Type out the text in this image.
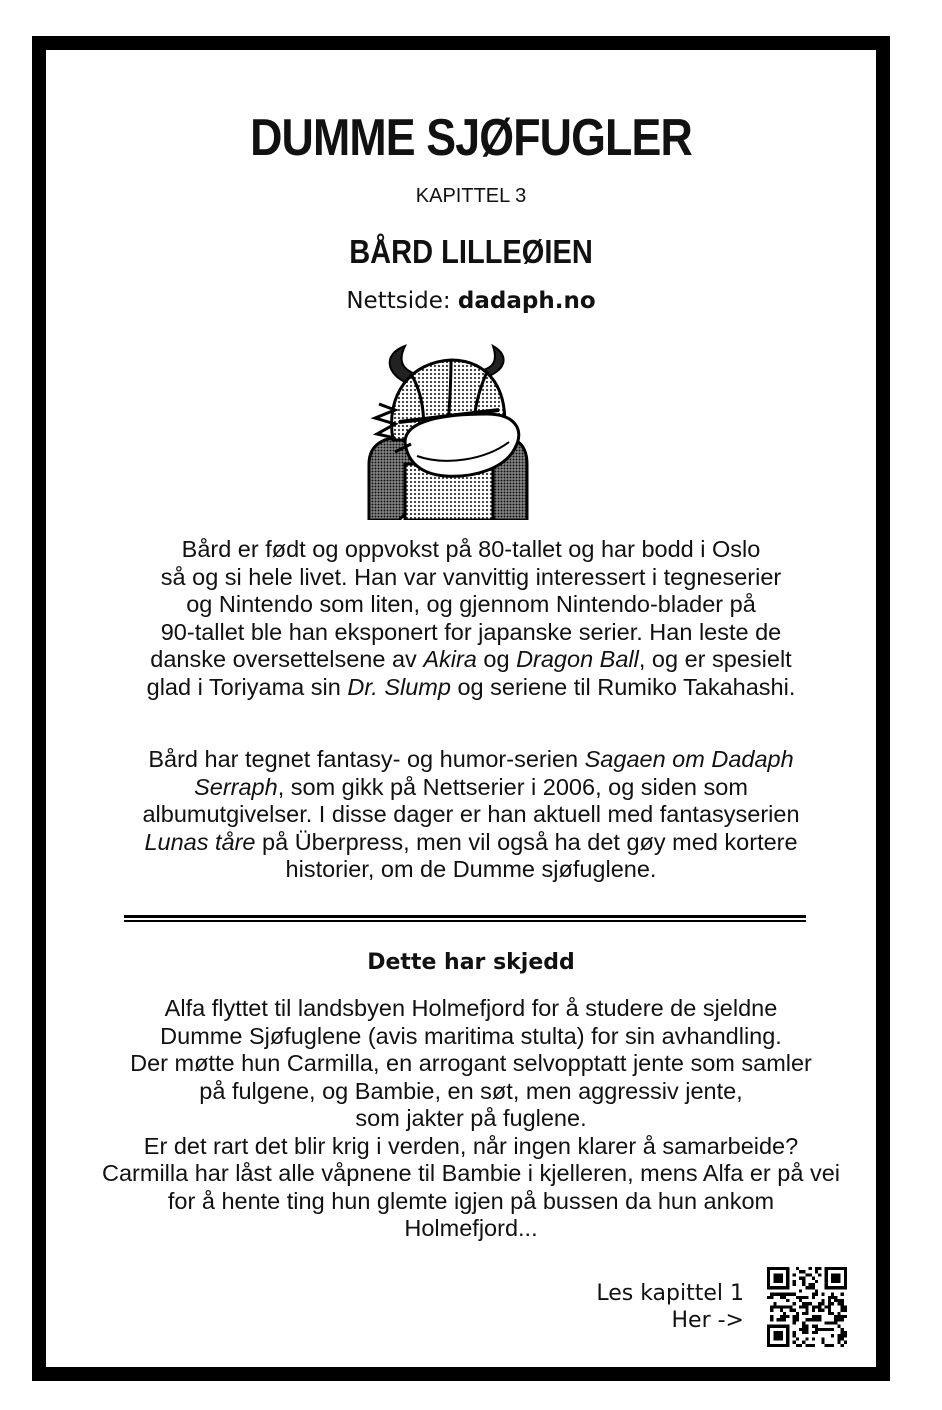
DUMME SJØFUGLER
KAPITTEL 3
BÅRD LILLEØIEN
Nettside: dadaph.no
Bård er født og oppvokst på 80-tallet og har bodd i Oslo
så og si hele livet. Han var vanvittig interessert i tegneserier
og Nintendo som liten, og gjennom Nintendo-blader på
90-tallet ble han eksponert for japanske serier. Han leste de
danske oversettelsene av Akira og Dragon Ball, og er spesielt
glad i Toriyama sin Dr. Slump og seriene til Rumiko Takahashi.
Bård har tegnet fantasy- og humor-serien Sagaen om Dadaph
Serraph, som gikk på Nettserier i 2006, og siden som
albumutgivelser. I disse dager er han aktuell med fantasyserien
Lunas tåre på Überpress, men vil også ha det gøy med kortere
historier, om de Dumme sjøfuglene.
Dette har skjedd
Alfa flyttet til landsbyen Holmefjord for å studere de sjeldne
Dumme Sjøfuglene (avis maritima stulta) for sin avhandling.
Der møtte hun Carmilla, en arrogant selvopptatt jente som samler
på fulgene, og Bambie, en søt, men aggressiv jente,
som jakter på fuglene.
Er det rart det blir krig i verden, når ingen klarer å samarbeide?
Carmilla har låst alle våpnene til Bambie i kjelleren, mens Alfa er på vei
for å hente ting hun glemte igjen på bussen da hun ankom
Holmefjord...
Les kapittel 1
Her ->
